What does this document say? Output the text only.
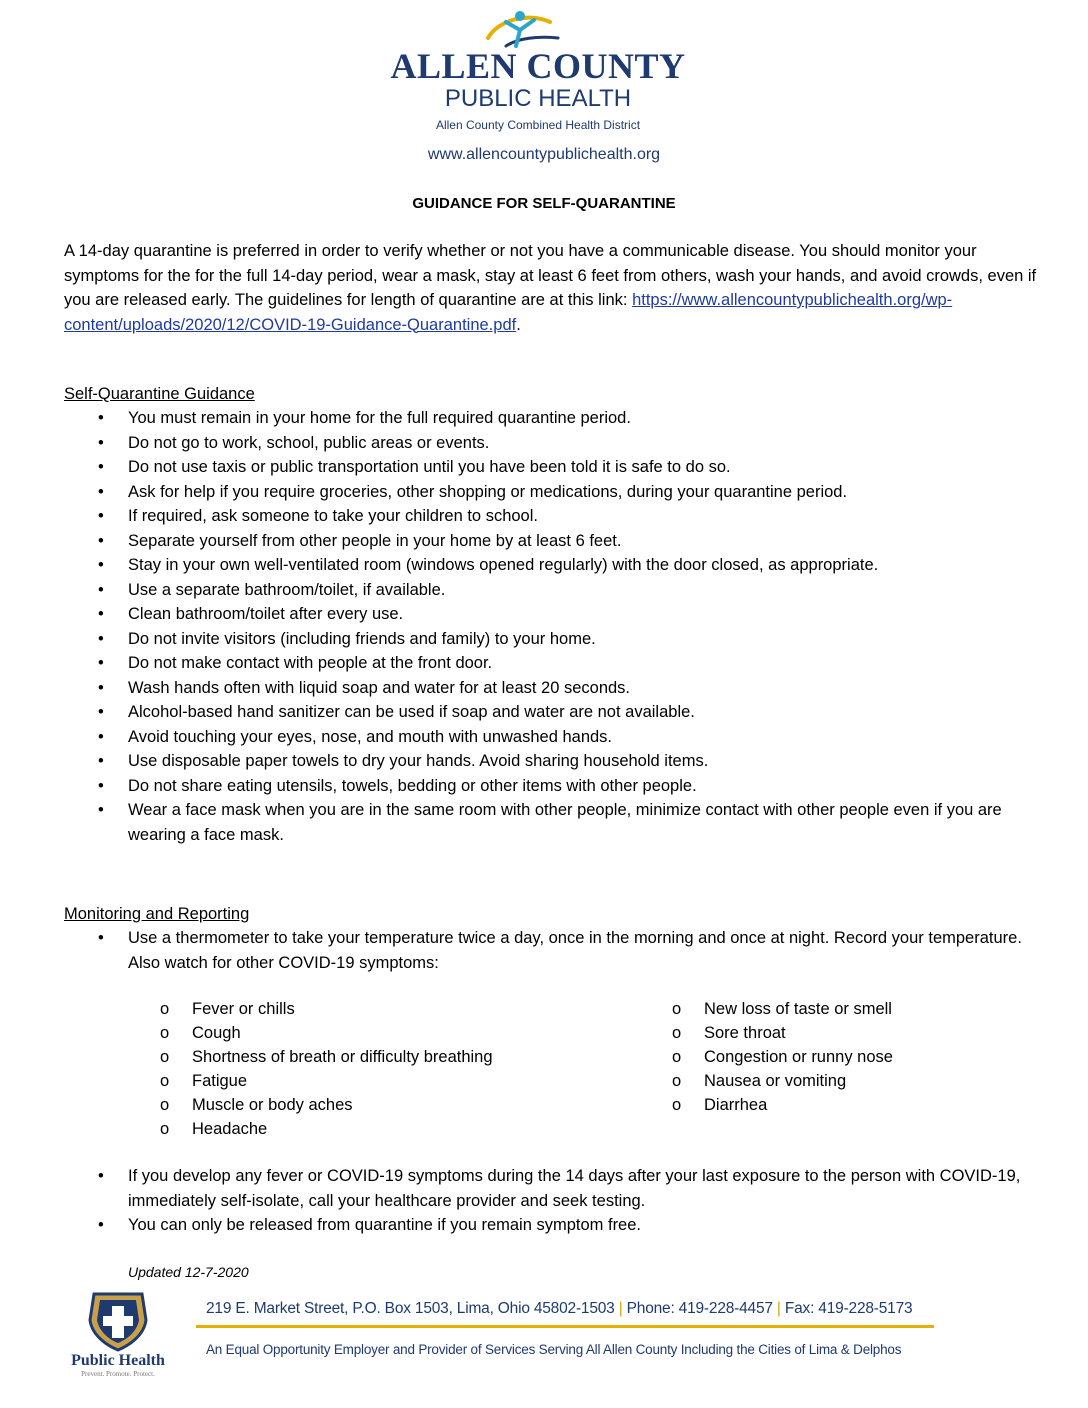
ALLEN COUNTY
PUBLIC HEALTH
Allen County Combined Health District
www.allencountypublichealth.org
GUIDANCE FOR SELF-QUARANTINE
A 14-day quarantine is preferred in order to verify whether or not you have a communicable disease. You should monitor your symptoms for the for the full 14-day period, wear a mask, stay at least 6 feet from others, wash your hands, and avoid crowds, even if you are released early. The guidelines for length of quarantine are at this link: https://www.allencountypublichealth.org/wp-content/uploads/2020/12/COVID-19-Guidance-Quarantine.pdf.
Self-Quarantine Guidance
• You must remain in your home for the full required quarantine period.
• Do not go to work, school, public areas or events.
• Do not use taxis or public transportation until you have been told it is safe to do so.
• Ask for help if you require groceries, other shopping or medications, during your quarantine period.
• If required, ask someone to take your children to school.
• Separate yourself from other people in your home by at least 6 feet.
• Stay in your own well-ventilated room (windows opened regularly) with the door closed, as appropriate.
• Use a separate bathroom/toilet, if available.
• Clean bathroom/toilet after every use.
• Do not invite visitors (including friends and family) to your home.
• Do not make contact with people at the front door.
• Wash hands often with liquid soap and water for at least 20 seconds.
• Alcohol-based hand sanitizer can be used if soap and water are not available.
• Avoid touching your eyes, nose, and mouth with unwashed hands.
• Use disposable paper towels to dry your hands. Avoid sharing household items.
• Do not share eating utensils, towels, bedding or other items with other people.
• Wear a face mask when you are in the same room with other people, minimize contact with other people even if you are wearing a face mask.
Monitoring and Reporting
• Use a thermometer to take your temperature twice a day, once in the morning and once at night. Record your temperature. Also watch for other COVID-19 symptoms:
o Fever or chills
o Cough
o Shortness of breath or difficulty breathing
o Fatigue
o Muscle or body aches
o Headache
o New loss of taste or smell
o Sore throat
o Congestion or runny nose
o Nausea or vomiting
o Diarrhea
• If you develop any fever or COVID-19 symptoms during the 14 days after your last exposure to the person with COVID-19, immediately self-isolate, call your healthcare provider and seek testing.
• You can only be released from quarantine if you remain symptom free.
Updated 12-7-2020
Public Health
Prevent. Promote. Protect.
219 E. Market Street, P.O. Box 1503, Lima, Ohio 45802-1503 | Phone: 419-228-4457 | Fax: 419-228-5173
An Equal Opportunity Employer and Provider of Services Serving All Allen County Including the Cities of Lima & Delphos
